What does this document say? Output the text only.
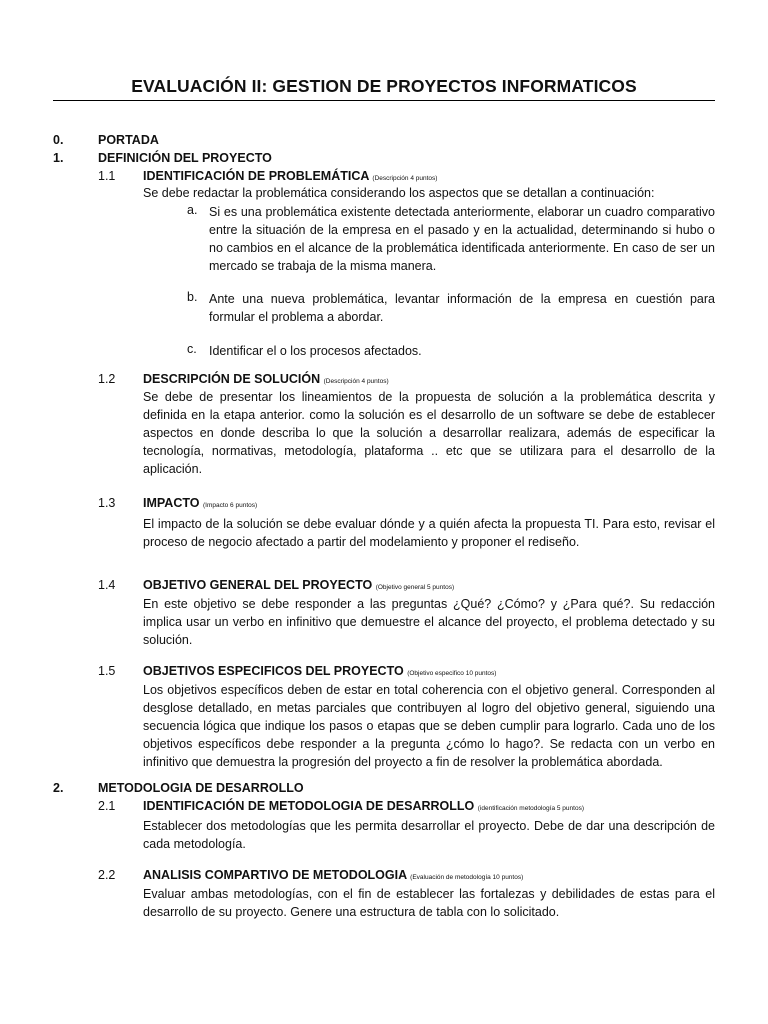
EVALUACIÓN II: GESTION DE PROYECTOS INFORMATICOS
0.	PORTADA
1.	DEFINICIÓN DEL PROYECTO
1.1 IDENTIFICACIÓN DE PROBLEMÁTICA (Descripción 4 puntos)
Se debe redactar la problemática considerando los aspectos que se detallan a continuación:
a. Si es una problemática existente detectada anteriormente, elaborar un cuadro comparativo entre la situación de la empresa en el pasado y en la actualidad, determinando si hubo o no cambios en el alcance de la problemática identificada anteriormente. En caso de ser un mercado se trabaja de la misma manera.
b. Ante una nueva problemática, levantar información de la empresa en cuestión para formular el problema a abordar.
c. Identificar el o los procesos afectados.
1.2 DESCRIPCIÓN DE SOLUCIÓN (Descripción 4 puntos)
Se debe de presentar los lineamientos de la propuesta de solución a la problemática descrita y definida en la etapa anterior. como la solución es el desarrollo de un software se debe de establecer aspectos en donde describa lo que la solución a desarrollar realizara, además de especificar la tecnología, normativas, metodología, plataforma .. etc que se utilizara para el desarrollo de la aplicación.
1.3 IMPACTO (Impacto 6 puntos)
El impacto de la solución se debe evaluar dónde y a quién afecta la propuesta TI. Para esto, revisar el proceso de negocio afectado a partir del modelamiento y proponer el rediseño.
1.4 OBJETIVO GENERAL DEL PROYECTO (Objetivo general 5 puntos)
En este objetivo se debe responder a las preguntas ¿Qué? ¿Cómo? y ¿Para qué?. Su redacción implica usar un verbo en infinitivo que demuestre el alcance del proyecto, el problema detectado y su solución.
1.5 OBJETIVOS ESPECIFICOS DEL PROYECTO (Objetivo especifico 10 puntos)
Los objetivos específicos deben de estar en total coherencia con el objetivo general. Corresponden al desglose detallado, en metas parciales que contribuyen al logro del objetivo general, siguiendo una secuencia lógica que indique los pasos o etapas que se deben cumplir para lograrlo. Cada uno de los objetivos específicos debe responder a la pregunta ¿cómo lo hago?. Se redacta con un verbo en infinitivo que demuestra la progresión del proyecto a fin de resolver la problemática abordada.
2.	METODOLOGIA DE DESARROLLO
2.1 IDENTIFICACIÓN DE METODOLOGIA DE DESARROLLO (identificación metodología 5 puntos)
Establecer dos metodologías que les permita desarrollar el proyecto. Debe de dar una descripción de cada metodología.
2.2 ANALISIS COMPARTIVO DE METODOLOGIA (Evaluación de metodología 10 puntos)
Evaluar ambas metodologías, con el fin de establecer las fortalezas y debilidades de estas para el desarrollo de su proyecto. Genere una estructura de tabla con lo solicitado.
